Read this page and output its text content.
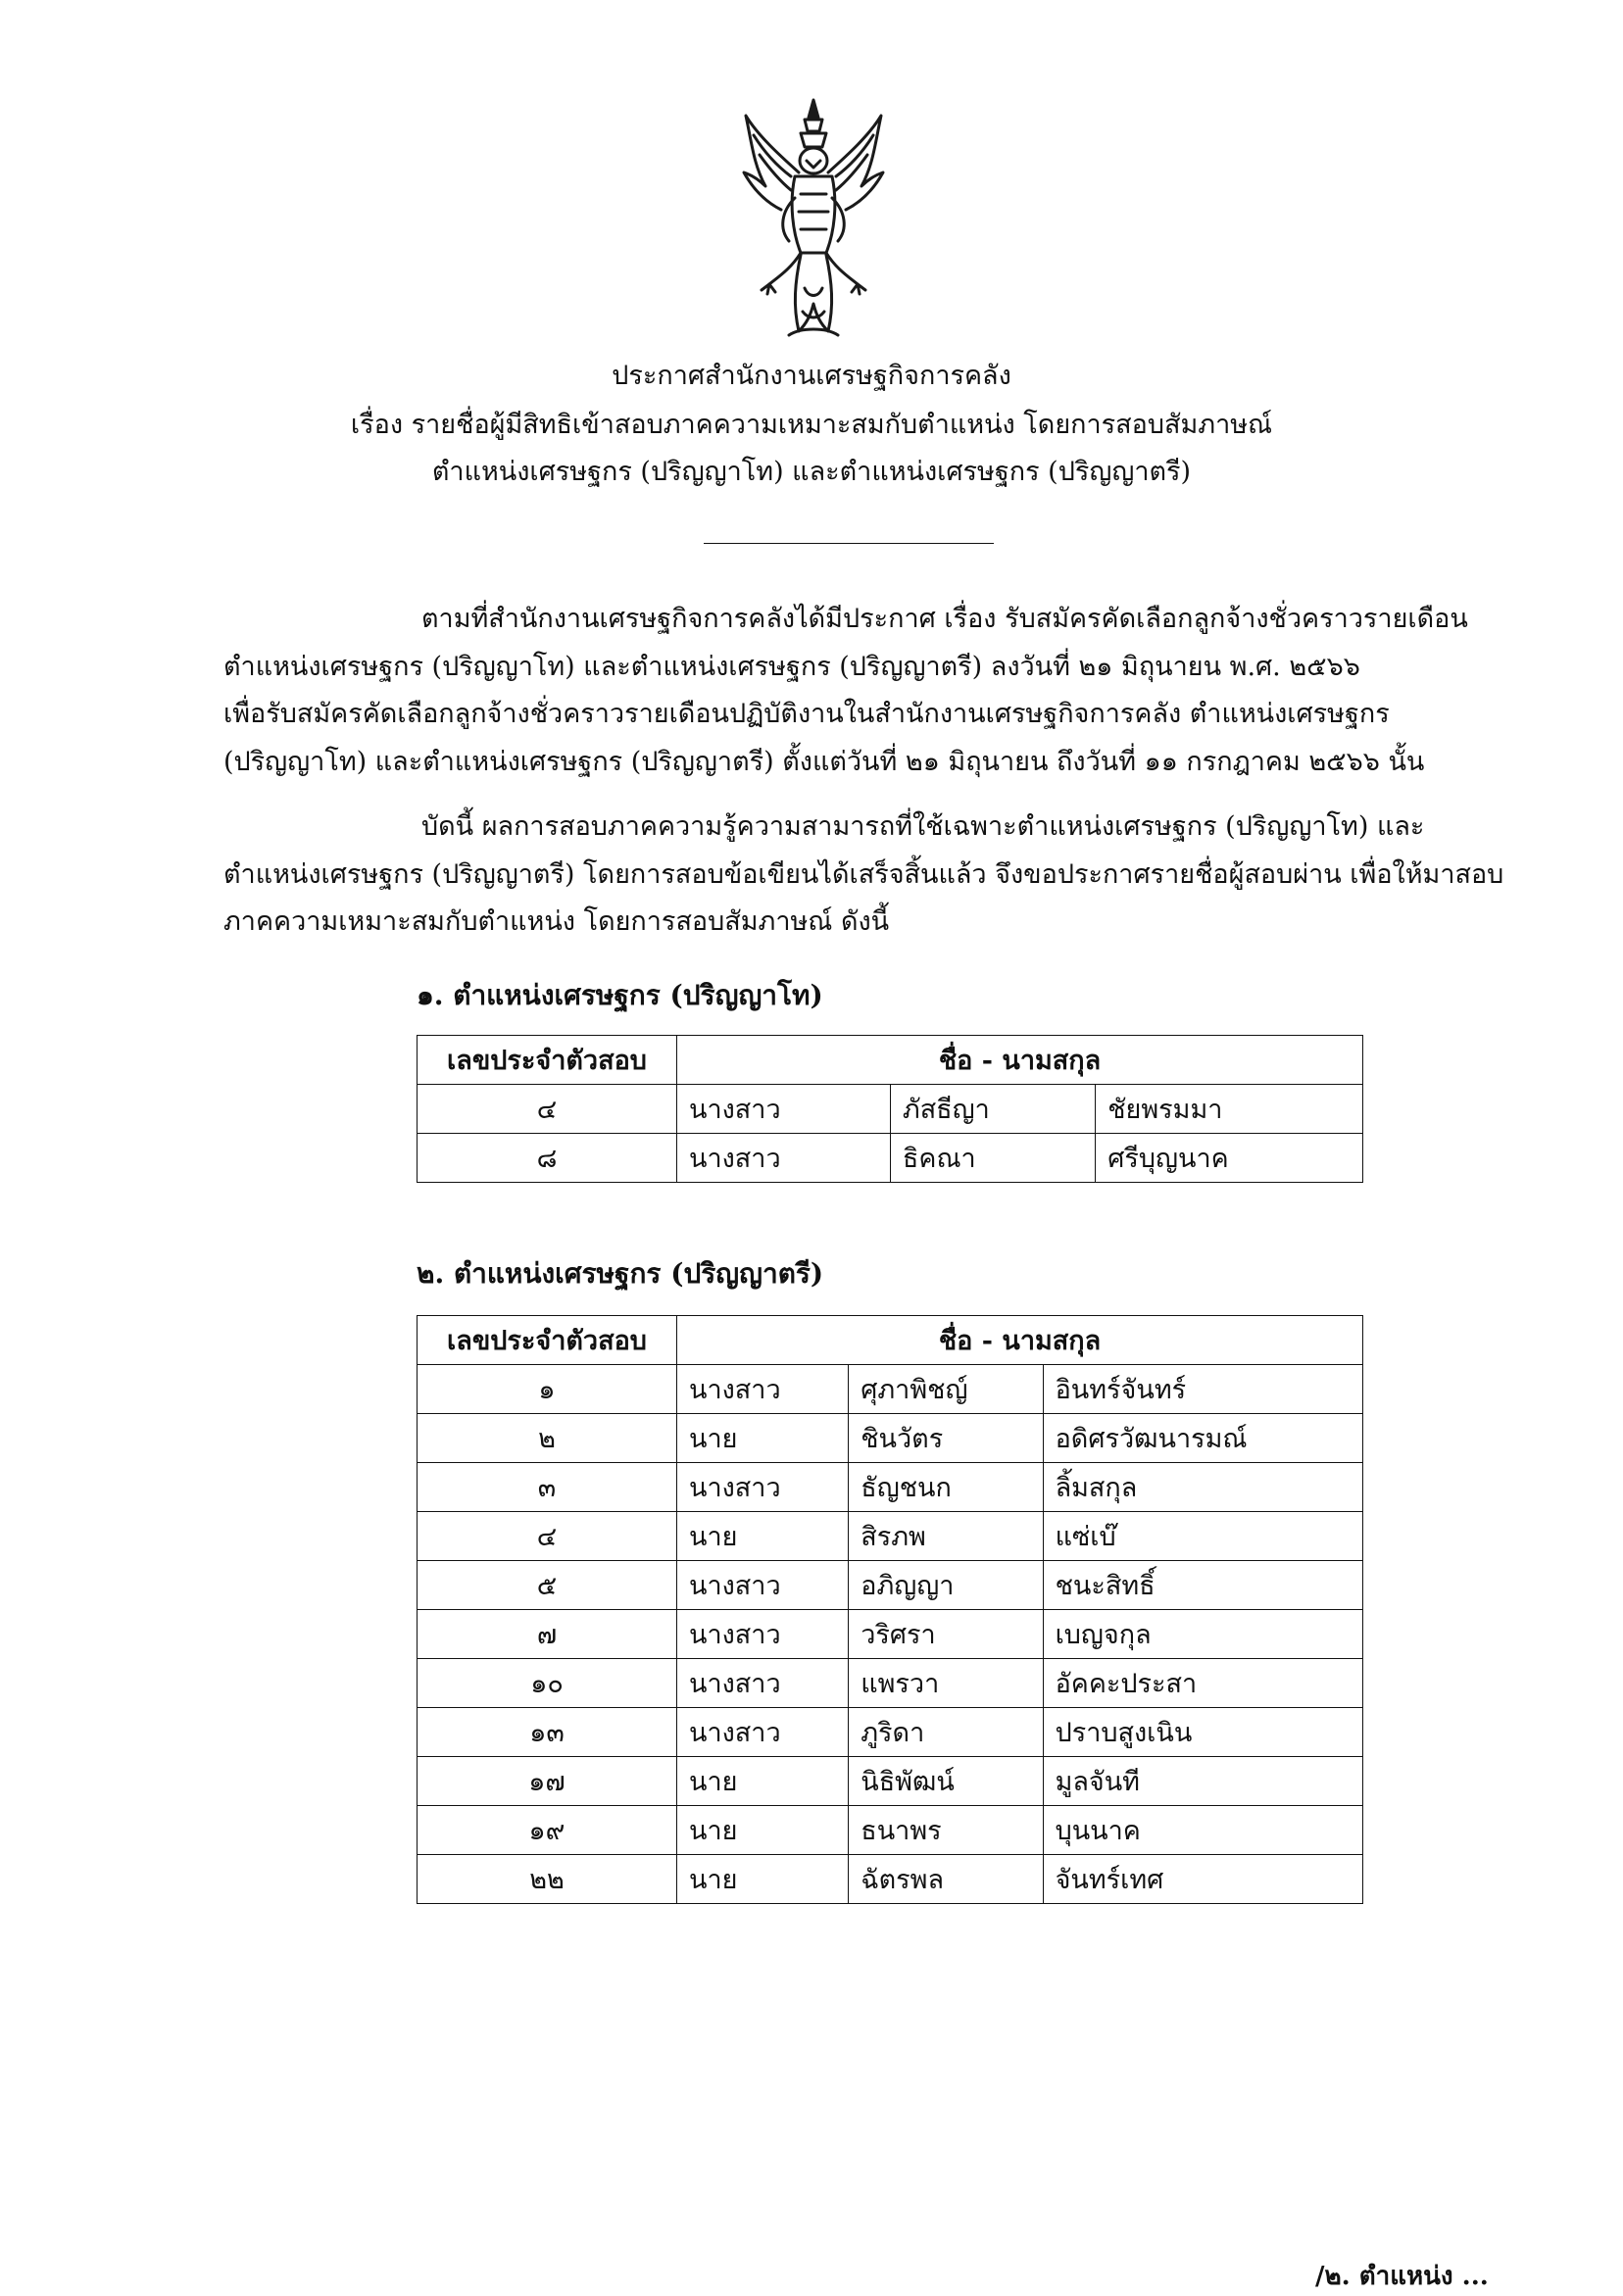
ประกาศสำนักงานเศรษฐกิจการคลัง
เรื่อง รายชื่อผู้มีสิทธิเข้าสอบภาคความเหมาะสมกับตำแหน่ง โดยการสอบสัมภาษณ์
ตำแหน่งเศรษฐกร (ปริญญาโท) และตำแหน่งเศรษฐกร (ปริญญาตรี)
ตามที่สำนักงานเศรษฐกิจการคลังได้มีประกาศ เรื่อง รับสมัครคัดเลือกลูกจ้างชั่วคราวรายเดือน
ตำแหน่งเศรษฐกร (ปริญญาโท) และตำแหน่งเศรษฐกร (ปริญญาตรี) ลงวันที่ ๒๑ มิถุนายน พ.ศ. ๒๕๖๖
เพื่อรับสมัครคัดเลือกลูกจ้างชั่วคราวรายเดือนปฏิบัติงานในสำนักงานเศรษฐกิจการคลัง ตำแหน่งเศรษฐกร
(ปริญญาโท) และตำแหน่งเศรษฐกร (ปริญญาตรี) ตั้งแต่วันที่ ๒๑ มิถุนายน ถึงวันที่ ๑๑ กรกฎาคม ๒๕๖๖ นั้น
บัดนี้ ผลการสอบภาคความรู้ความสามารถที่ใช้เฉพาะตำแหน่งเศรษฐกร (ปริญญาโท) และ
ตำแหน่งเศรษฐกร (ปริญญาตรี) โดยการสอบข้อเขียนได้เสร็จสิ้นแล้ว จึงขอประกาศรายชื่อผู้สอบผ่าน เพื่อให้มาสอบ
ภาคความเหมาะสมกับตำแหน่ง โดยการสอบสัมภาษณ์ ดังนี้
๑. ตำแหน่งเศรษฐกร (ปริญญาโท)
เลขประจำตัวสอบ	ชื่อ - นามสกุล		
๔	นางสาว	ภัสธีญา	ชัยพรมมา
๘	นางสาว	ธิคณา	ศรีบุญนาค
๒. ตำแหน่งเศรษฐกร (ปริญญาตรี)
เลขประจำตัวสอบ	ชื่อ - นามสกุล		
๑	นางสาว	ศุภาพิชญ์	อินทร์จันทร์
๒	นาย	ชินวัตร	อดิศรวัฒนารมณ์
๓	นางสาว	ธัญชนก	ลิ้มสกุล
๔	นาย	สิรภพ	แซ่เบ๊
๕	นางสาว	อภิญญา	ชนะสิทธิ์
๗	นางสาว	วริศรา	เบญจกุล
๑๐	นางสาว	แพรวา	อัคคะประสา
๑๓	นางสาว	ภูริดา	ปราบสูงเนิน
๑๗	นาย	นิธิพัฒน์	มูลจันที
๑๙	นาย	ธนาพร	บุนนาค
๒๒	นาย	ฉัตรพล	จันทร์เทศ
/๒. ตำแหน่ง ...
